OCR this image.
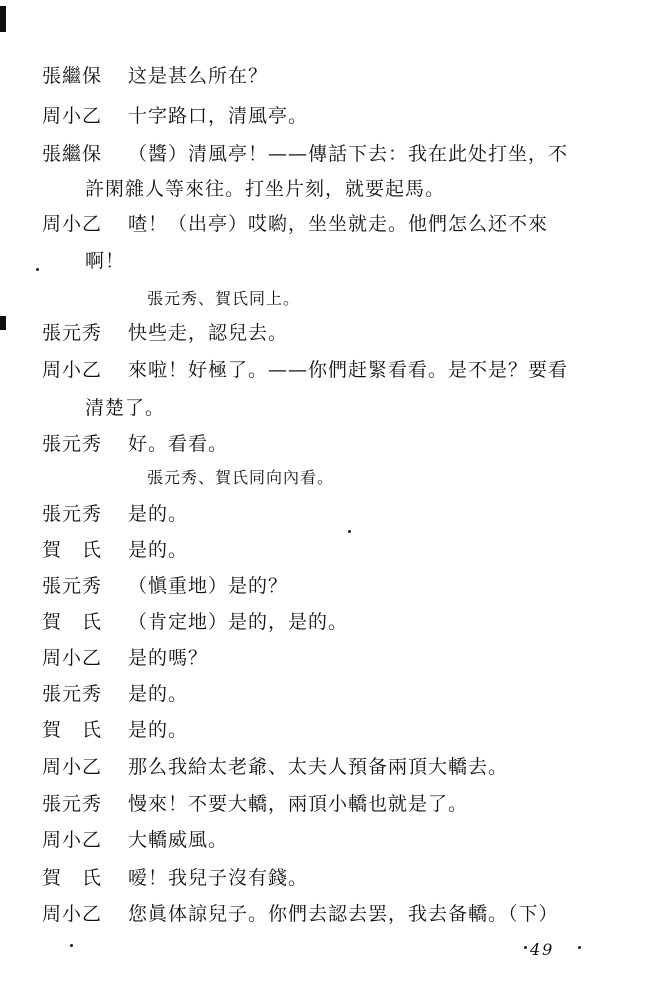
張繼保 这是甚么所在？
周小乙 十字路口，清風亭。
張繼保 （醬）清風亭！——傳話下去：我在此处打坐，不
許閑雜人等來往。打坐片刻，就要起馬。
周小乙 喳！（出亭）哎喲，坐坐就走。他們怎么还不來
啊！
張元秀、賀氏同上。
張元秀 快些走，認兒去。
周小乙 來啦！好極了。——你們赶緊看看。是不是？要看
清楚了。
張元秀 好。看看。
張元秀、賀氏同向內看。
張元秀 是的。
賀　氏 是的。
張元秀 （愼重地）是的？
賀　氏 （肯定地）是的，是的。
周小乙 是的嗎？
張元秀 是的。
賀　氏 是的。
周小乙 那么我給太老爺、太夫人預备兩頂大轎去。
張元秀 慢來！不要大轎，兩頂小轎也就是了。
周小乙 大轎威風。
賀　氏 嗳！我兒子沒有錢。
周小乙 您眞体諒兒子。你們去認去罢，我去备轎。（下）
49
